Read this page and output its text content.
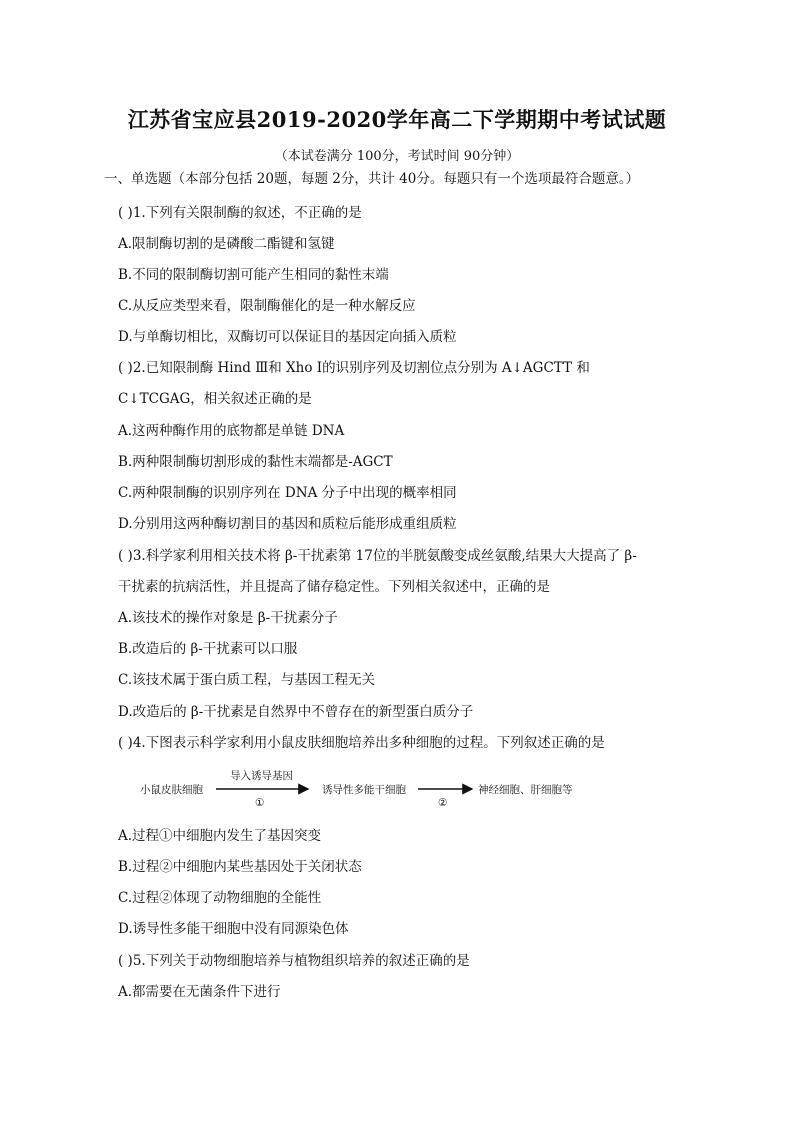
江苏省宝应县2019-2020学年高二下学期期中考试试题
（本试卷满分 100分，考试时间 90分钟）
一、单选题（本部分包括 20题，每题 2分，共计 40分。每题只有一个选项最符合题意。）
( )1.下列有关限制酶的叙述，不正确的是
A.限制酶切割的是磷酸二酯键和氢键
B.不同的限制酶切割可能产生相同的黏性末端
C.从反应类型来看，限制酶催化的是一种水解反应
D.与单酶切相比，双酶切可以保证目的基因定向插入质粒
( )2.已知限制酶 Hind Ⅲ和 Xho Ⅰ的识别序列及切割位点分别为 A↓AGCTT 和
C↓TCGAG，相关叙述正确的是
A.这两种酶作用的底物都是单链 DNA
B.两种限制酶切割形成的黏性末端都是-AGCT
C.两种限制酶的识别序列在 DNA 分子中出现的概率相同
D.分别用这两种酶切割目的基因和质粒后能形成重组质粒
( )3.科学家利用相关技术将 β-干扰素第 17位的半胱氨酸变成丝氨酸,结果大大提高了 β-
干扰素的抗病活性，并且提高了储存稳定性。下列相关叙述中，正确的是
A.该技术的操作对象是 β-干扰素分子
B.改造后的 β-干扰素可以口服
C.该技术属于蛋白质工程，与基因工程无关
D.改造后的 β-干扰素是自然界中不曾存在的新型蛋白质分子
( )4.下图表示科学家利用小鼠皮肤细胞培养出多种细胞的过程。下列叙述正确的是
小鼠皮肤细胞
导入诱导基因
①
诱导性多能干细胞
②
神经细胞、肝细胞等
A.过程①中细胞内发生了基因突变
B.过程②中细胞内某些基因处于关闭状态
C.过程②体现了动物细胞的全能性
D.诱导性多能干细胞中没有同源染色体
( )5.下列关于动物细胞培养与植物组织培养的叙述正确的是
A.都需要在无菌条件下进行
